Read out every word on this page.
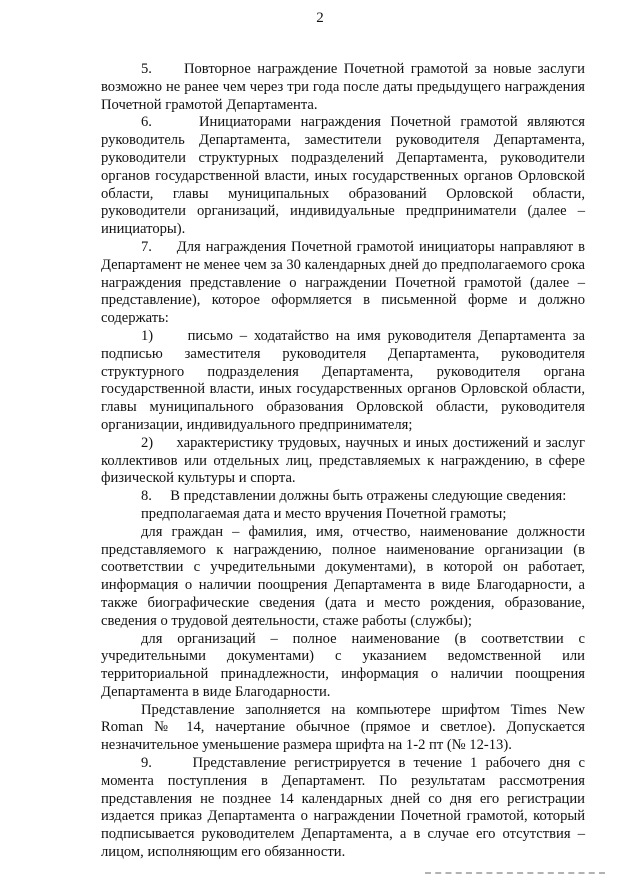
2

5.     Повторное награждение Почетной грамотой за новые заслуги возможно не ранее чем через три года после даты предыдущего награждения Почетной грамотой Департамента.

6.     Инициаторами награждения Почетной грамотой являются руководитель Департамента, заместители руководителя Департамента, руководители структурных подразделений Департамента, руководители органов государственной власти, иных государственных органов Орловской области, главы муниципальных образований Орловской области, руководители организаций, индивидуальные предприниматели (далее – инициаторы).

7.     Для награждения Почетной грамотой инициаторы направляют в Департамент не менее чем за 30 календарных дней до предполагаемого срока награждения представление о награждении Почетной грамотой (далее – представление), которое оформляется в письменной форме и должно содержать:

1)     письмо – ходатайство на имя руководителя Департамента за подписью заместителя руководителя Департамента, руководителя структурного подразделения Департамента, руководителя органа государственной власти, иных государственных органов Орловской области, главы муниципального образования Орловской области, руководителя организации, индивидуального предпринимателя;

2)     характеристику трудовых, научных и иных достижений и заслуг коллективов или отдельных лиц, представляемых к награждению, в сфере физической культуры и спорта.

8.     В представлении должны быть отражены следующие сведения:

предполагаемая дата и место вручения Почетной грамоты;

для граждан – фамилия, имя, отчество, наименование должности представляемого к награждению, полное наименование организации (в соответствии с учредительными документами), в которой он работает, информация о наличии поощрения Департамента в виде Благодарности, а также биографические сведения (дата и место рождения, образование, сведения о трудовой деятельности, стаже работы (службы);

для организаций – полное наименование (в соответствии с учредительными документами) с указанием ведомственной или территориальной принадлежности, информация о наличии поощрения Департамента в виде Благодарности.

Представление заполняется на компьютере шрифтом Times New Roman № 14, начертание обычное (прямое и светлое). Допускается незначительное уменьшение размера шрифта на 1-2 пт (№ 12-13).

9.     Представление регистрируется в течение 1 рабочего дня с момента поступления в Департамент. По результатам рассмотрения представления не позднее 14 календарных дней со дня его регистрации издается приказ Департамента о награждении Почетной грамотой, который подписывается руководителем Департамента, а в случае его отсутствия – лицом, исполняющим его обязанности.
